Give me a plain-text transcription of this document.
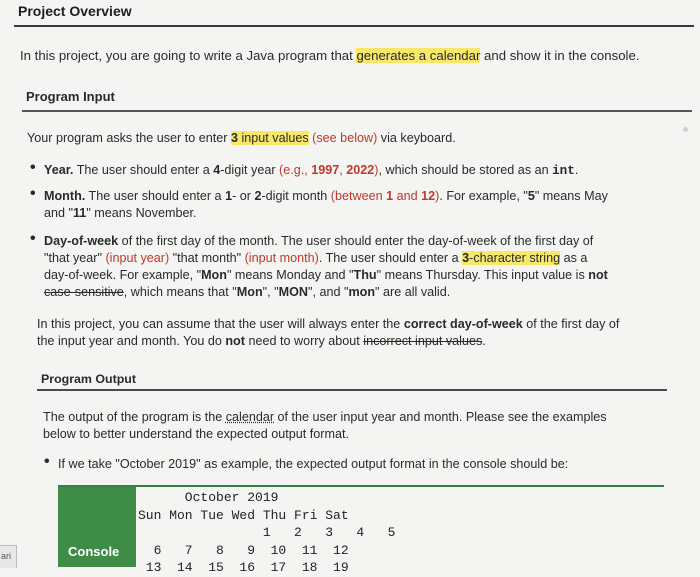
Project Overview
In this project, you are going to write a Java program that generates a calendar and show it in the console.
Program Input
Your program asks the user to enter 3 input values (see below) via keyboard.
• Year. The user should enter a 4-digit year (e.g., 1997, 2022), which should be stored as an int.
• Month. The user should enter a 1- or 2-digit month (between 1 and 12). For example, "5" means May
and "11" means November.
• Day-of-week of the first day of the month. The user should enter the day-of-week of the first day of
"that year" (input year) "that month" (input month). The user should enter a 3-character string as a
day-of-week. For example, "Mon" means Monday and "Thu" means Thursday. This input value is not
case-sensitive, which means that "Mon", "MON", and "mon" are all valid.
In this project, you can assume that the user will always enter the correct day-of-week of the first day of
the input year and month. You do not need to worry about incorrect input values.
Program Output
The output of the program is the calendar of the user input year and month. Please see the examples
below to better understand the expected output format.
• If we take "October 2019" as example, the expected output format in the console should be:
Console
October 2019
Sun Mon Tue Wed Thu Fri Sat
1   2   3   4   5
6   7   8   9  10  11  12
13  14  15  16  17  18  19

ari
